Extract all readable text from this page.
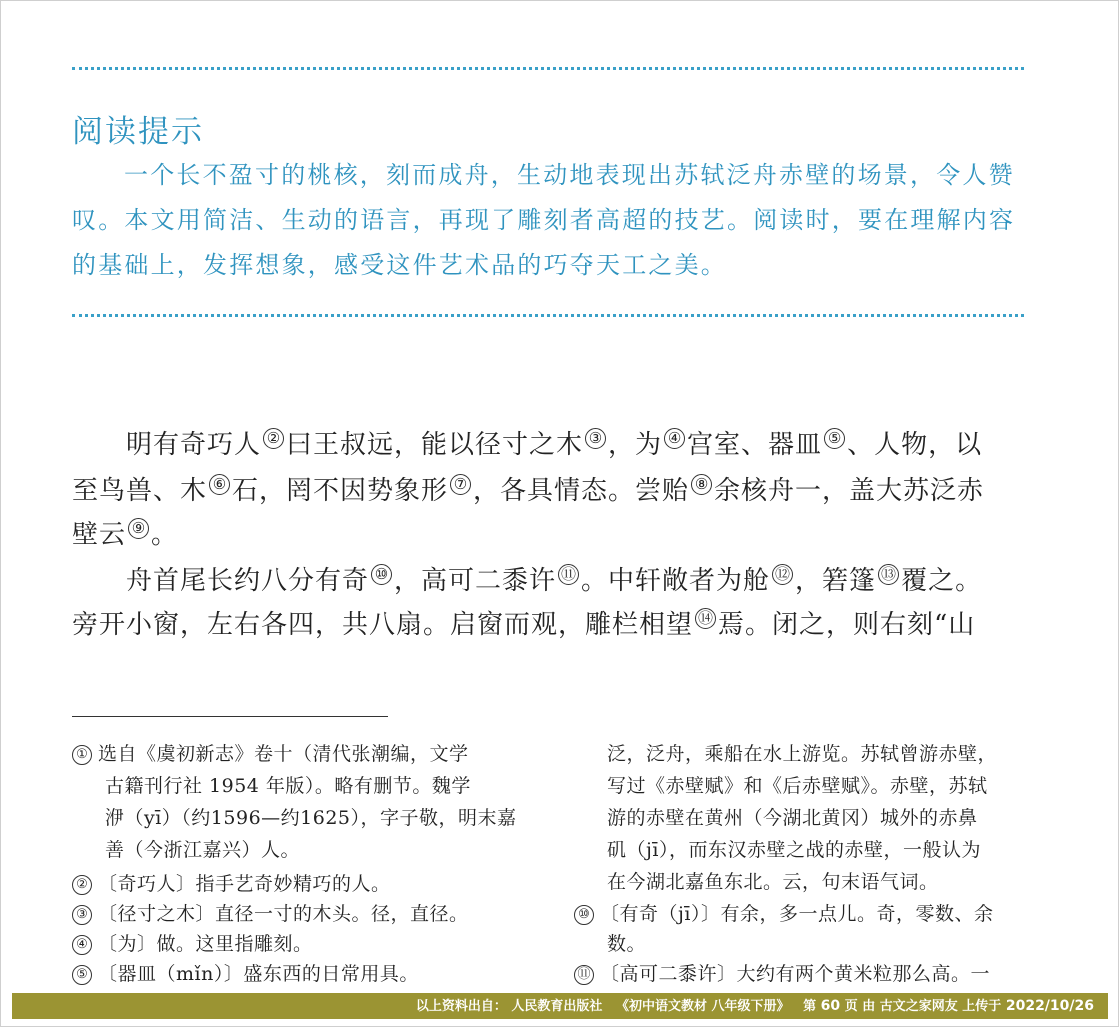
阅读提示
一个长不盈寸的桃核，刻而成舟，生动地表现出苏轼泛舟赤壁的场景，令人赞叹。本文用简洁、生动的语言，再现了雕刻者高超的技艺。阅读时，要在理解内容的基础上，发挥想象，感受这件艺术品的巧夺天工之美。
明有奇巧人 ② 曰王叔远，能以径寸之木 ③ ，为 ④ 宫室、器皿 ⑤ 、人物，以
至鸟兽、木 ⑥ 石，罔不因势象形 ⑦ ，各具情态。尝贻 ⑧ 余核舟一，盖大苏泛赤
壁云 ⑨ 。
舟首尾长约八分有奇 ⑩ ，高可二黍许 ⑪ 。中轩敞者为舱 ⑫ ，箬篷 ⑬ 覆之。
旁开小窗，左右各四，共八扇。启窗而观，雕栏相望 ⑭ 焉。闭之，则右刻“山
① 选自《虞初新志》卷十（清代张潮编，文学
古籍刊行社 1954 年版）。略有删节。魏学
洢（yī）（约1596—约1625），字子敬，明末嘉
善（今浙江嘉兴）人。
② 〔奇巧人〕指手艺奇妙精巧的人。
③ 〔径寸之木〕直径一寸的木头。径，直径。
④ 〔为〕做。这里指雕刻。
⑤ 〔器皿（mǐn）〕盛东西的日常用具。
泛，泛舟，乘船在水上游览。苏轼曾游赤壁，
写过《赤壁赋》和《后赤壁赋》。赤壁，苏轼
游的赤壁在黄州（今湖北黄冈）城外的赤鼻
矶（jī），而东汉赤壁之战的赤壁，一般认为
在今湖北嘉鱼东北。云，句末语气词。
⑩ 〔有奇（jī）〕有余，多一点儿。奇，零数、余
数。
⑪ 〔高可二黍许〕大约有两个黄米粒那么高。一
以上资料出自： 人民教育出版社 《初中语文教材 八年级下册》 第 60 页 由 古文之家网友 上传于 2022/10/26
